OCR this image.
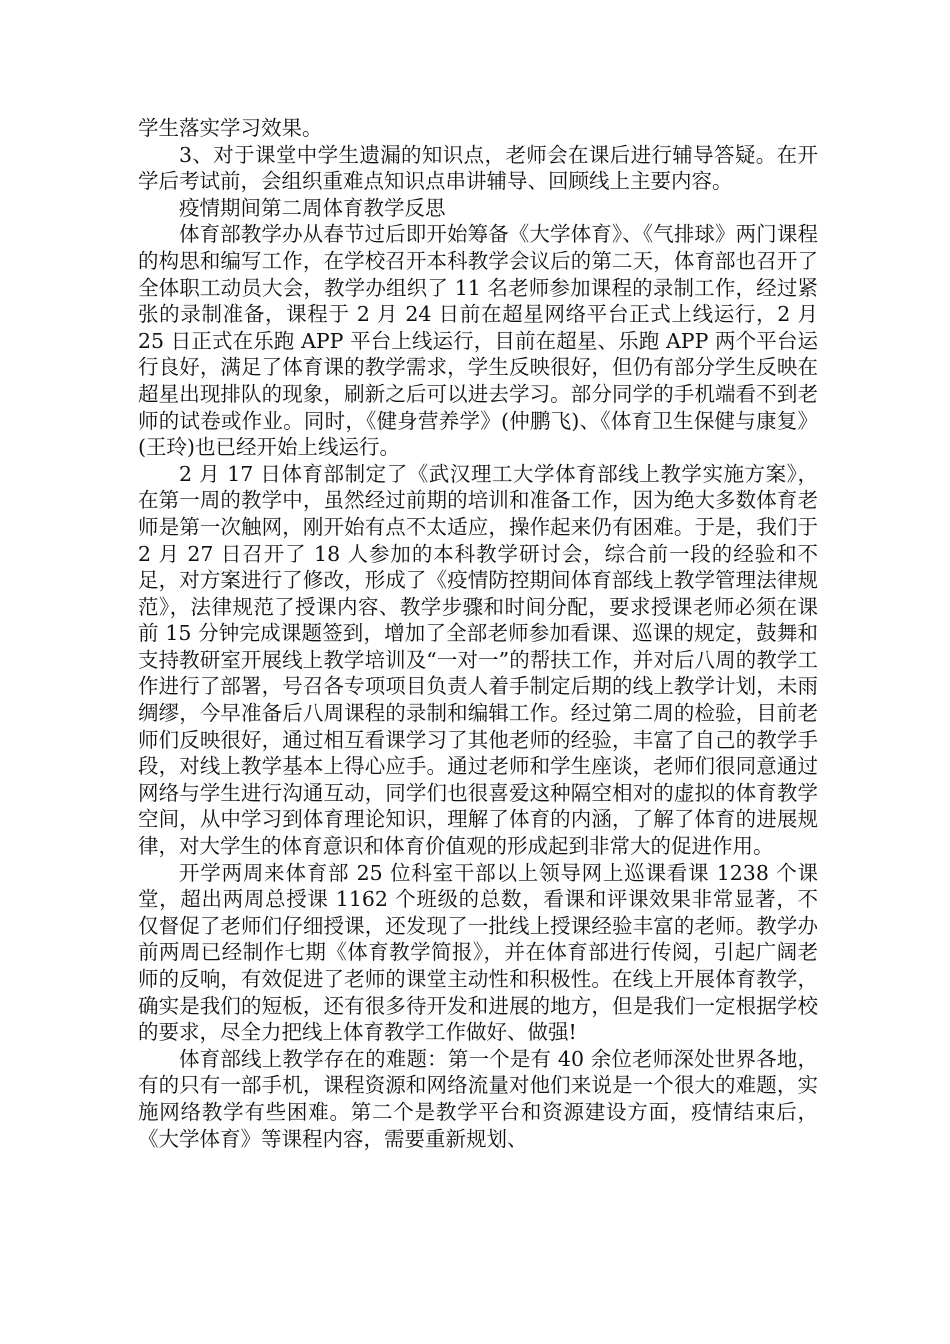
学生落实学习效果。

3、对于课堂中学生遗漏的知识点，老师会在课后进行辅导答疑。在开学后考试前，会组织重难点知识点串讲辅导、回顾线上主要内容。

疫情期间第二周体育教学反思

体育部教学办从春节过后即开始筹备《大学体育》、《气排球》两门课程的构思和编写工作，在学校召开本科教学会议后的第二天，体育部也召开了全体职工动员大会，教学办组织了 11 名老师参加课程的录制工作，经过紧张的录制准备，课程于 2 月 24 日前在超星网络平台正式上线运行，2 月 25 日正式在乐跑 APP 平台上线运行，目前在超星、乐跑 APP 两个平台运行良好，满足了体育课的教学需求，学生反映很好，但仍有部分学生反映在超星出现排队的现象，刷新之后可以进去学习。部分同学的手机端看不到老师的试卷或作业。同时，《健身营养学》(仲鹏飞)、《体育卫生保健与康复》(王玲)也已经开始上线运行。

2 月 17 日体育部制定了《武汉理工大学体育部线上教学实施方案》，在第一周的教学中，虽然经过前期的培训和准备工作，因为绝大多数体育老师是第一次触网，刚开始有点不太适应，操作起来仍有困难。于是，我们于 2 月 27 日召开了 18 人参加的本科教学研讨会，综合前一段的经验和不足，对方案进行了修改，形成了《疫情防控期间体育部线上教学管理法律规范》，法律规范了授课内容、教学步骤和时间分配，要求授课老师必须在课前 15 分钟完成课题签到，增加了全部老师参加看课、巡课的规定，鼓舞和支持教研室开展线上教学培训及“一对一”的帮扶工作，并对后八周的教学工作进行了部署，号召各专项项目负责人着手制定后期的线上教学计划，未雨绸缪，今早准备后八周课程的录制和编辑工作。经过第二周的检验，目前老师们反映很好，通过相互看课学习了其他老师的经验，丰富了自己的教学手段，对线上教学基本上得心应手。通过老师和学生座谈，老师们很同意通过网络与学生进行沟通互动，同学们也很喜爱这种隔空相对的虚拟的体育教学空间，从中学习到体育理论知识，理解了体育的内涵，了解了体育的进展规律，对大学生的体育意识和体育价值观的形成起到非常大的促进作用。

开学两周来体育部 25 位科室干部以上领导网上巡课看课 1238 个课堂，超出两周总授课 1162 个班级的总数，看课和评课效果非常显著，不仅督促了老师们仔细授课，还发现了一批线上授课经验丰富的老师。教学办前两周已经制作七期《体育教学简报》，并在体育部进行传阅，引起广阔老师的反响，有效促进了老师的课堂主动性和积极性。在线上开展体育教学，确实是我们的短板，还有很多待开发和进展的地方，但是我们一定根据学校的要求，尽全力把线上体育教学工作做好、做强!

体育部线上教学存在的难题：第一个是有 40 余位老师深处世界各地，有的只有一部手机，课程资源和网络流量对他们来说是一个很大的难题，实施网络教学有些困难。第二个是教学平台和资源建设方面，疫情结束后，《大学体育》等课程内容，需要重新规划、
